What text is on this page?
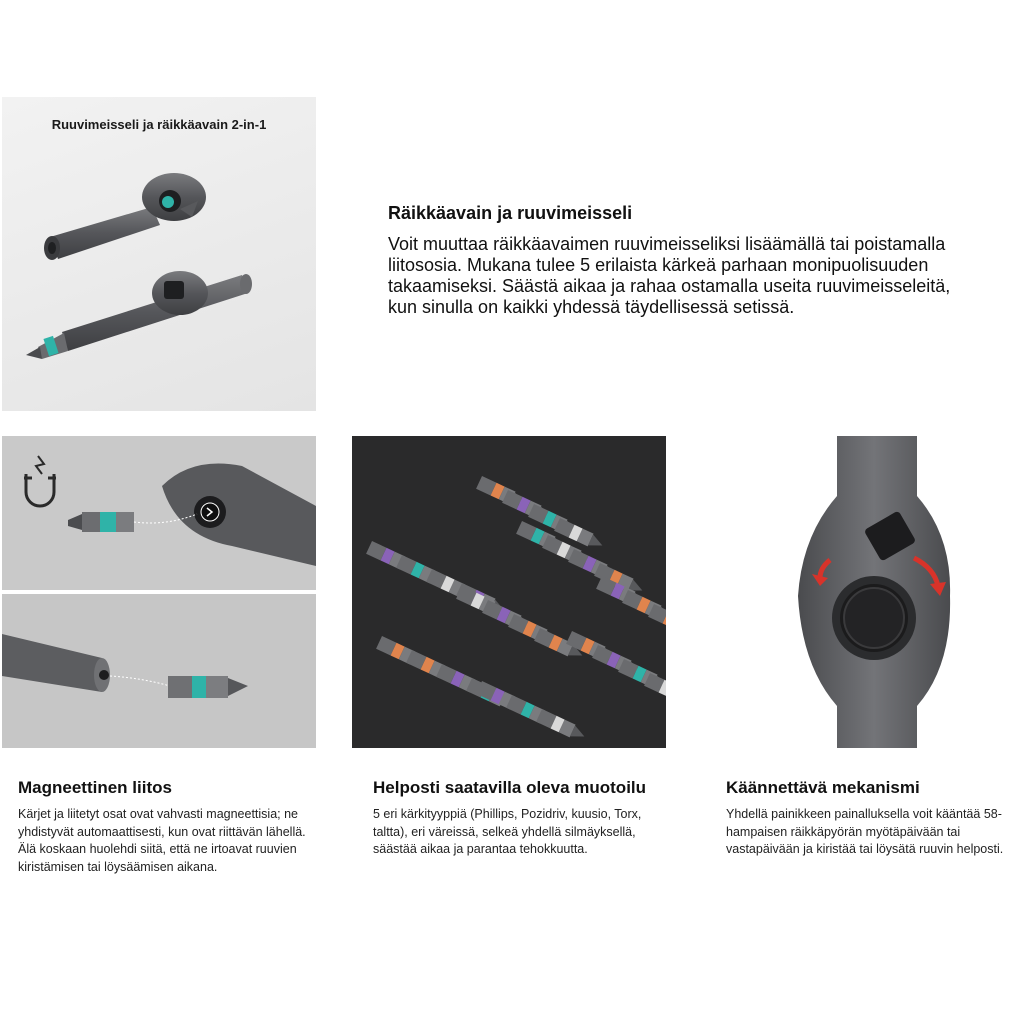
Ruuvimeisseli ja räikkäavain 2-in-1
Räikkäavain ja ruuvimeisseli

Voit muuttaa räikkäavaimen ruuvimeisseliksi lisäämällä tai poistamalla liitososia. Mukana tulee 5 erilaista kärkeä parhaan monipuolisuuden takaamiseksi. Säästä aikaa ja rahaa ostamalla useita ruuvimeisseleitä, kun sinulla on kaikki yhdessä täydellisessä setissä.

Magneettinen liitos

Kärjet ja liitetyt osat ovat vahvasti magneettisia; ne yhdistyvät automaattisesti, kun ovat riittävän lähellä. Älä koskaan huolehdi siitä, että ne irtoavat ruuvien kiristämisen tai löysäämisen aikana.

Helposti saatavilla oleva muotoilu

5 eri kärkityyppiä (Phillips, Pozidriv, kuusio, Torx, taltta), eri väreissä, selkeä yhdellä silmäyksellä, säästää aikaa ja parantaa tehokkuutta.

Käännettävä mekanismi

Yhdellä painikkeen painalluksella voit kääntää 58-hampaisen räikkäpyörän myötäpäivään tai vastapäivään ja kiristää tai löysätä ruuvin helposti.
